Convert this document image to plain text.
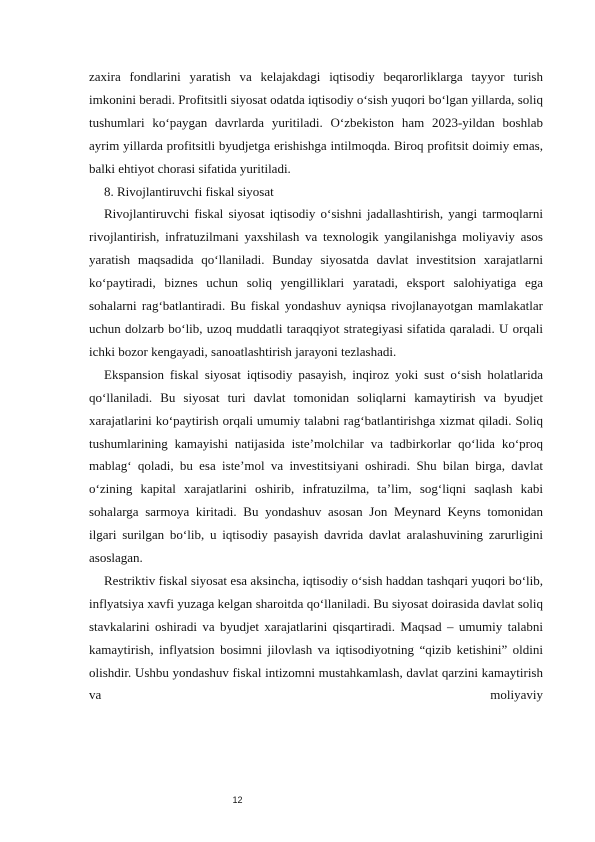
zaxira fondlarini yaratish va kelajakdagi iqtisodiy beqarorliklarga tayyor turish imkonini beradi. Profitsitli siyosat odatda iqtisodiy o‘sish yuqori bo‘lgan yillarda, soliq tushumlari ko‘paygan davrlarda yuritiladi. O‘zbekiston ham 2023-yildan boshlab ayrim yillarda profitsitli byudjetga erishishga intilmoqda. Biroq profitsit doimiy emas, balki ehtiyot chorasi sifatida yuritiladi.

8. Rivojlantiruvchi fiskal siyosat

Rivojlantiruvchi fiskal siyosat iqtisodiy o‘sishni jadallashtirish, yangi tarmoqlarni rivojlantirish, infratuzilmani yaxshilash va texnologik yangilanishga moliyaviy asos yaratish maqsadida qo‘llaniladi. Bunday siyosatda davlat investitsion xarajatlarni ko‘paytiradi, biznes uchun soliq yengilliklari yaratadi, eksport salohiyatiga ega sohalarni rag‘batlantiradi. Bu fiskal yondashuv ayniqsa rivojlanayotgan mamlakatlar uchun dolzarb bo‘lib, uzoq muddatli taraqqiyot strategiyasi sifatida qaraladi. U orqali ichki bozor kengayadi, sanoatlashtirish jarayoni tezlashadi.

Ekspansion fiskal siyosat iqtisodiy pasayish, inqiroz yoki sust o‘sish holatlarida qo‘llaniladi. Bu siyosat turi davlat tomonidan soliqlarni kamaytirish va byudjet xarajatlarini ko‘paytirish orqali umumiy talabni rag‘batlantirishga xizmat qiladi. Soliq tushumlarining kamayishi natijasida iste’molchilar va tadbirkorlar qo‘lida ko‘proq mablag‘ qoladi, bu esa iste’mol va investitsiyani oshiradi. Shu bilan birga, davlat o‘zining kapital xarajatlarini oshirib, infratuzilma, ta’lim, sog‘liqni saqlash kabi sohalarga sarmoya kiritadi. Bu yondashuv asosan Jon Meynard Keyns tomonidan ilgari surilgan bo‘lib, u iqtisodiy pasayish davrida davlat aralashuvining zarurligini asoslagan.

Restriktiv fiskal siyosat esa aksincha, iqtisodiy o‘sish haddan tashqari yuqori bo‘lib, inflyatsiya xavfi yuzaga kelgan sharoitda qo‘llaniladi. Bu siyosat doirasida davlat soliq stavkalarini oshiradi va byudjet xarajatlarini qisqartiradi. Maqsad – umumiy talabni kamaytirish, inflyatsion bosimni jilovlash va iqtisodiyotning “qizib ketishini” oldini olishdir. Ushbu yondashuv fiskal intizomni mustahkamlash, davlat qarzini kamaytirish va moliyaviy

12
